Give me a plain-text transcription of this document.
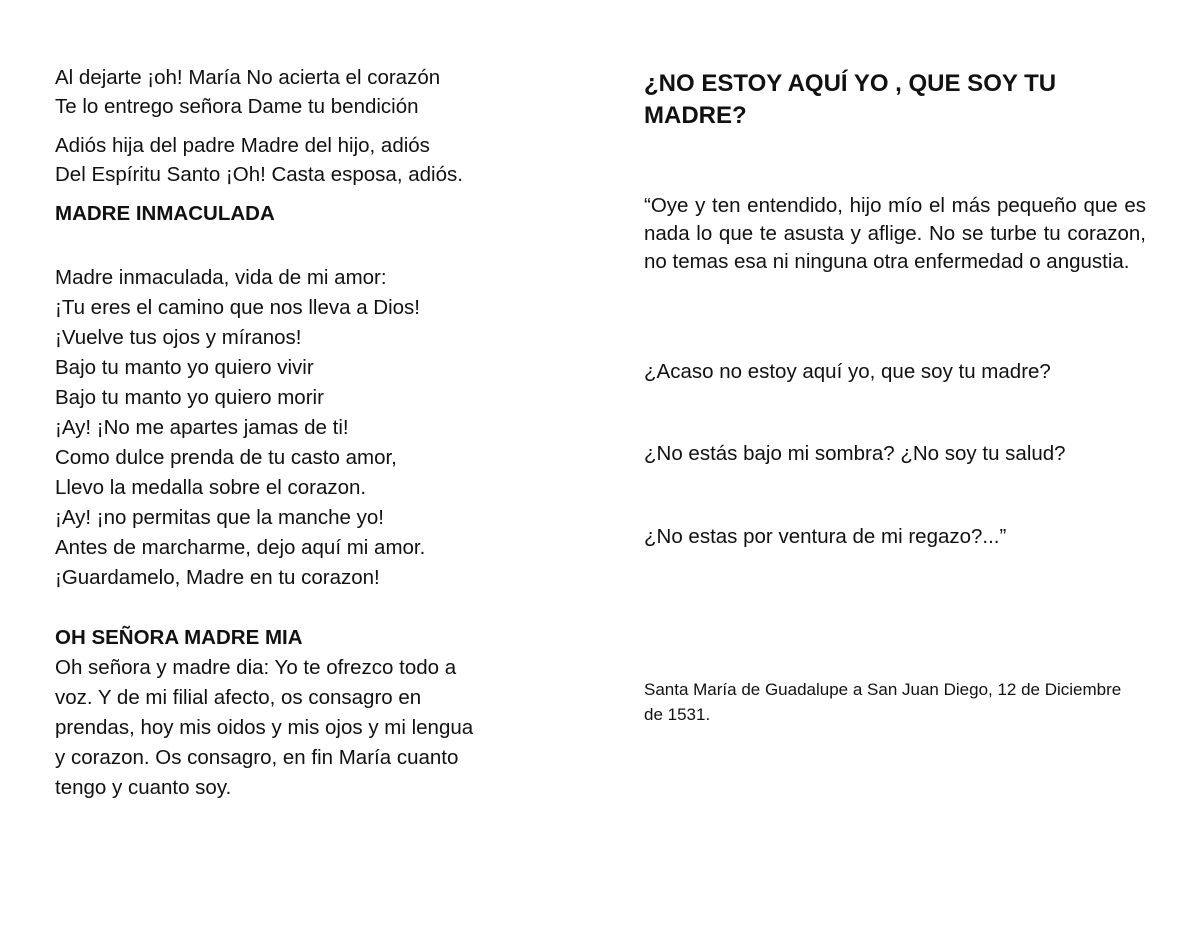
Al dejarte ¡oh! María No acierta el corazón
Te lo entrego señora Dame tu bendición
Adiós hija del padre Madre del hijo, adiós
Del Espíritu Santo ¡Oh! Casta esposa, adiós.
MADRE INMACULADA
Madre inmaculada, vida de mi amor:
¡Tu eres el camino que nos lleva a Dios!
¡Vuelve tus ojos y míranos!
Bajo tu manto yo quiero vivir
Bajo tu manto yo quiero morir
¡Ay! ¡No me apartes jamas de ti!
Como dulce prenda de tu casto amor,
Llevo la medalla sobre el corazon.
¡Ay! ¡no permitas que la manche yo!
Antes de marcharme, dejo aquí mi amor.
¡Guardamelo, Madre en tu corazon!
OH SEÑORA MADRE MIA
Oh señora y madre dia: Yo te ofrezco todo a
voz. Y de mi filial afecto, os consagro en
prendas, hoy mis oidos y mis ojos y mi lengua
y corazon. Os consagro, en fin María cuanto
tengo y cuanto soy.
¿NO ESTOY AQUÍ YO , QUE SOY TU MADRE?
“Oye y ten entendido, hijo mío el más pequeño que es nada lo que te asusta y aflige. No se turbe tu corazon, no temas esa ni ninguna otra enfermedad o angustia.
¿Acaso no estoy aquí yo, que soy tu madre?
¿No estás bajo mi sombra? ¿No soy tu salud?
¿No estas por ventura de mi regazo?...”
Santa María de Guadalupe a San Juan Diego, 12 de Diciembre de 1531.
